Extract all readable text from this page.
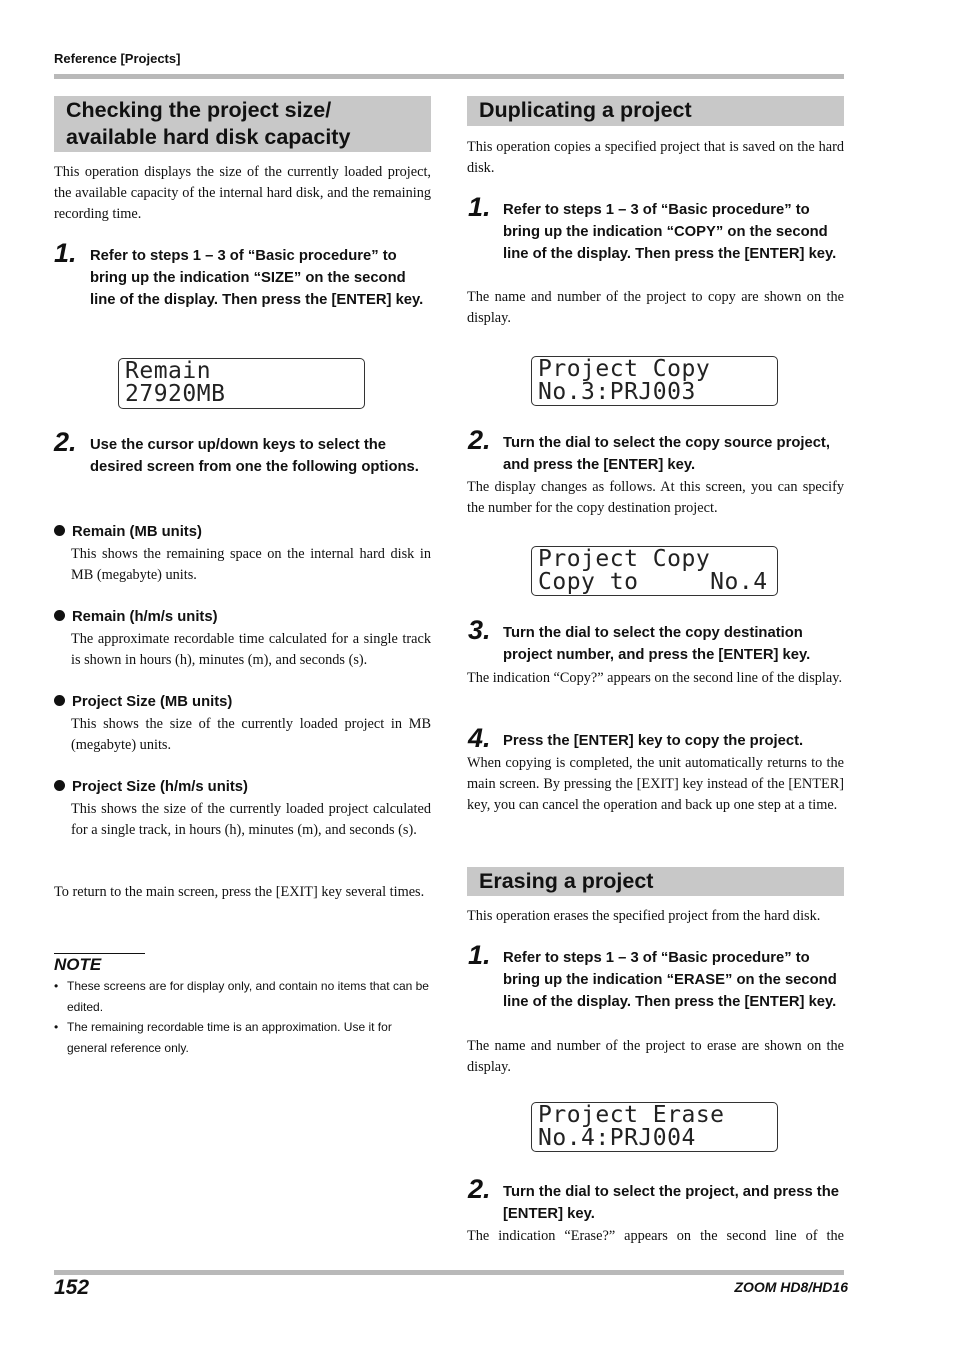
Reference [Projects]
Checking the project size/
available hard disk capacity
This operation displays the size of the currently loaded project, the available capacity of the internal hard disk, and the remaining recording time.
1. Refer to steps 1 – 3 of “Basic procedure” to bring up the indication “SIZE” on the second line of the display. Then press the [ENTER] key.
Remain
27920MB
2. Use the cursor up/down keys to select the desired screen from one the following options.
Remain (MB units)
This shows the remaining space on the internal hard disk in MB (megabyte) units.
Remain (h/m/s units)
The approximate recordable time calculated for a single track is shown in hours (h), minutes (m), and seconds (s).
Project Size (MB units)
This shows the size of the currently loaded project in MB (megabyte) units.
Project Size (h/m/s units)
This shows the size of the currently loaded project calculated for a single track, in hours (h), minutes (m), and seconds (s).
To return to the main screen, press the [EXIT] key several times.
NOTE
• These screens are for display only, and contain no items that can be edited.
• The remaining recordable time is an approximation. Use it for general reference only.
Duplicating a project
This operation copies a specified project that is saved on the hard disk.
1. Refer to steps 1 – 3 of “Basic procedure” to bring up the indication “COPY” on the second line of the display. Then press the [ENTER] key.
The name and number of the project to copy are shown on the display.
Project Copy
No.3:PRJ003
2. Turn the dial to select the copy source project, and press the [ENTER] key.
The display changes as follows. At this screen, you can specify the number for the copy destination project.
Project Copy
Copy to     No.4
3. Turn the dial to select the copy destination project number, and press the [ENTER] key.
The indication “Copy?” appears on the second line of the display.
4. Press the [ENTER] key to copy the project.
When copying is completed, the unit automatically returns to the main screen. By pressing the [EXIT] key instead of the [ENTER] key, you can cancel the operation and back up one step at a time.
Erasing a project
This operation erases the specified project from the hard disk.
1. Refer to steps 1 – 3 of “Basic procedure” to bring up the indication “ERASE” on the second line of the display. Then press the [ENTER] key.
The name and number of the project to erase are shown on the display.
Project Erase
No.4:PRJ004
2. Turn the dial to select the project, and press the [ENTER] key.
The indication “Erase?” appears on the second line of the
152	ZOOM HD8/HD16
